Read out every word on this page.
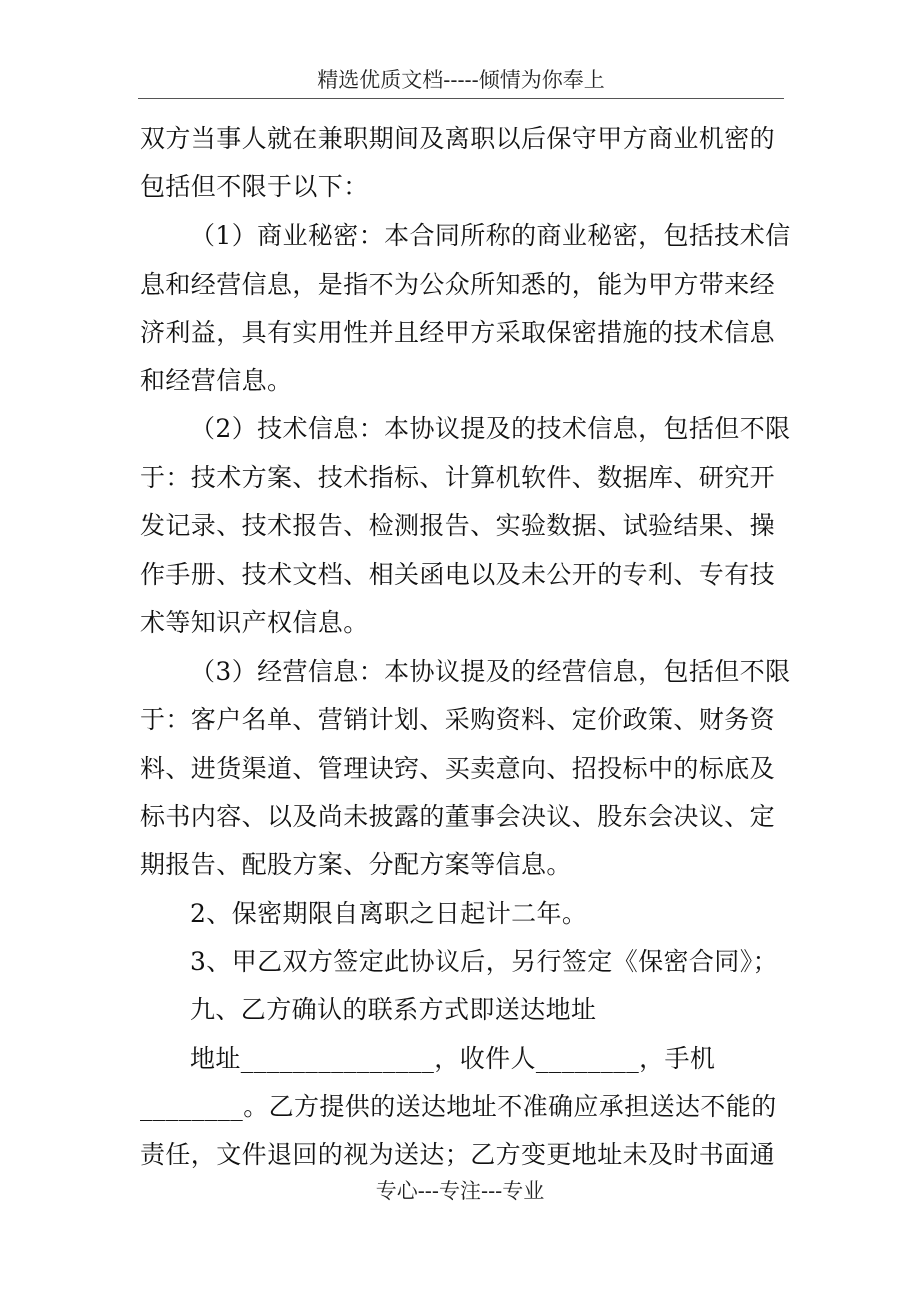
精选优质文档-----倾情为你奉上
双方当事人就在兼职期间及离职以后保守甲方商业机密的
包括但不限于以下：
（1）商业秘密：本合同所称的商业秘密，包括技术信
息和经营信息，是指不为公众所知悉的，能为甲方带来经
济利益，具有实用性并且经甲方采取保密措施的技术信息
和经营信息。
（2）技术信息：本协议提及的技术信息，包括但不限
于：技术方案、技术指标、计算机软件、数据库、研究开
发记录、技术报告、检测报告、实验数据、试验结果、操
作手册、技术文档、相关函电以及未公开的专利、专有技
术等知识产权信息。
（3）经营信息：本协议提及的经营信息，包括但不限
于：客户名单、营销计划、采购资料、定价政策、财务资
料、进货渠道、管理诀窍、买卖意向、招投标中的标底及
标书内容、以及尚未披露的董事会决议、股东会决议、定
期报告、配股方案、分配方案等信息。
2、保密期限自离职之日起计二年。
3、甲乙双方签定此协议后，另行签定《保密合同》；
九、乙方确认的联系方式即送达地址
地址_______________，收件人________，手机
________。乙方提供的送达地址不准确应承担送达不能的
责任，文件退回的视为送达；乙方变更地址未及时书面通
专心---专注---专业
